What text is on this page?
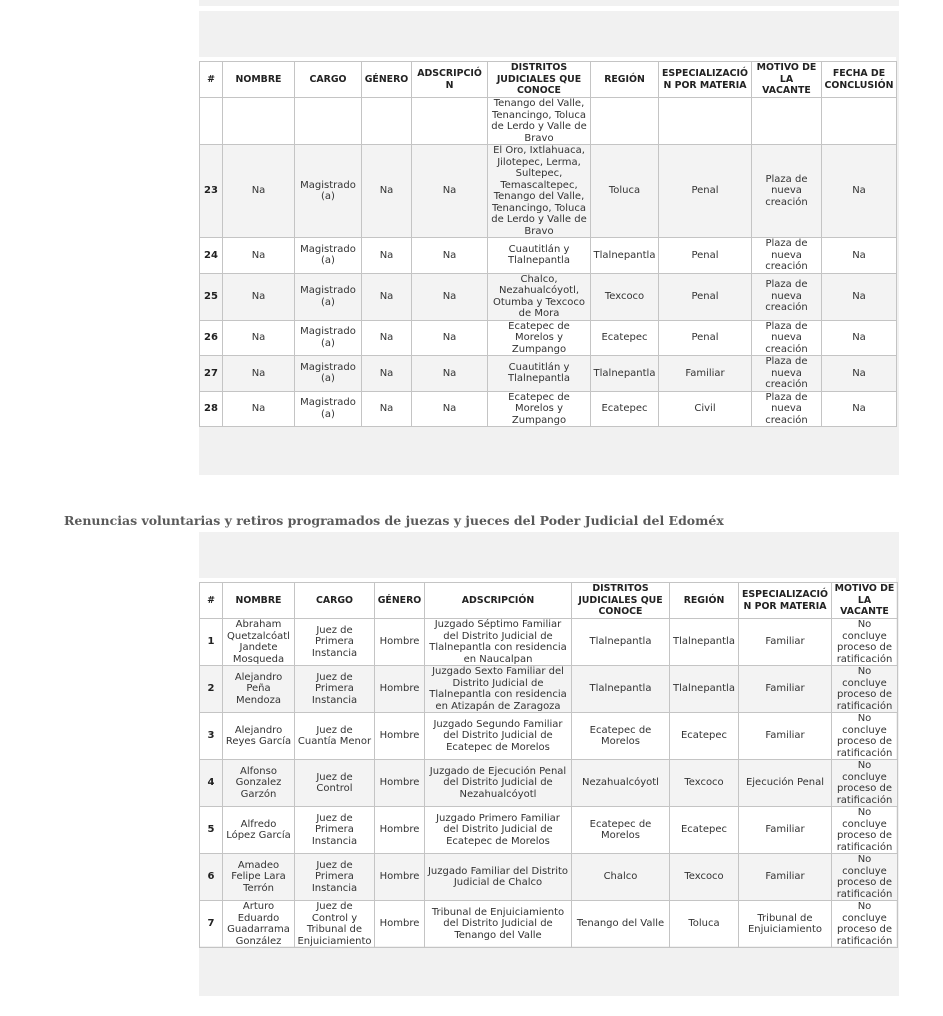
#	NOMBRE	CARGO	GÉNERO	ADSCRIPCIÓN	DISTRITOS JUDICIALES QUE CONOCE	REGIÓN	ESPECIALIZACIÓN POR MATERIA	MOTIVO DE LA VACANTE	FECHA DE CONCLUSIÓN
					Tenango del Valle, Tenancingo, Toluca de Lerdo y Valle de Bravo				
23	Na	Magistrado (a)	Na	Na	El Oro, Ixtlahuaca, Jilotepec, Lerma, Sultepec, Temascaltepec, Tenango del Valle, Tenancingo, Toluca de Lerdo y Valle de Bravo	Toluca	Penal	Plaza de nueva creación	Na
24	Na	Magistrado (a)	Na	Na	Cuautitlán y Tlalnepantla	Tlalnepantla	Penal	Plaza de nueva creación	Na
25	Na	Magistrado (a)	Na	Na	Chalco, Nezahualcóyotl, Otumba y Texcoco de Mora	Texcoco	Penal	Plaza de nueva creación	Na
26	Na	Magistrado (a)	Na	Na	Ecatepec de Morelos y Zumpango	Ecatepec	Penal	Plaza de nueva creación	Na
27	Na	Magistrado (a)	Na	Na	Cuautitlán y Tlalnepantla	Tlalnepantla	Familiar	Plaza de nueva creación	Na
28	Na	Magistrado (a)	Na	Na	Ecatepec de Morelos y Zumpango	Ecatepec	Civil	Plaza de nueva creación	Na
Renuncias voluntarias y retiros programados de juezas y jueces del Poder Judicial del Edoméx
#	NOMBRE	CARGO	GÉNERO	ADSCRIPCIÓN	DISTRITOS JUDICIALES QUE CONOCE	REGIÓN	ESPECIALIZACIÓN POR MATERIA	MOTIVO DE LA VACANTE
1	Abraham Quetzalcóatl Jandete Mosqueda	Juez de Primera Instancia	Hombre	Juzgado Séptimo Familiar del Distrito Judicial de Tlalnepantla con residencia en Naucalpan	Tlalnepantla	Tlalnepantla	Familiar	No concluye proceso de ratificación
2	Alejandro Peña Mendoza	Juez de Primera Instancia	Hombre	Juzgado Sexto Familiar del Distrito Judicial de Tlalnepantla con residencia en Atizapán de Zaragoza	Tlalnepantla	Tlalnepantla	Familiar	No concluye proceso de ratificación
3	Alejandro Reyes García	Juez de Cuantía Menor	Hombre	Juzgado Segundo Familiar del Distrito Judicial de Ecatepec de Morelos	Ecatepec de Morelos	Ecatepec	Familiar	No concluye proceso de ratificación
4	Alfonso Gonzalez Garzón	Juez de Control	Hombre	Juzgado de Ejecución Penal del Distrito Judicial de Nezahualcóyotl	Nezahualcóyotl	Texcoco	Ejecución Penal	No concluye proceso de ratificación
5	Alfredo López García	Juez de Primera Instancia	Hombre	Juzgado Primero Familiar del Distrito Judicial de Ecatepec de Morelos	Ecatepec de Morelos	Ecatepec	Familiar	No concluye proceso de ratificación
6	Amadeo Felipe Lara Terrón	Juez de Primera Instancia	Hombre	Juzgado Familiar del Distrito Judicial de Chalco	Chalco	Texcoco	Familiar	No concluye proceso de ratificación
7	Arturo Eduardo Guadarrama González	Juez de Control y Tribunal de Enjuiciamiento	Hombre	Tribunal de Enjuiciamiento del Distrito Judicial de Tenango del Valle	Tenango del Valle	Toluca	Tribunal de Enjuiciamiento	No concluye proceso de ratificación
